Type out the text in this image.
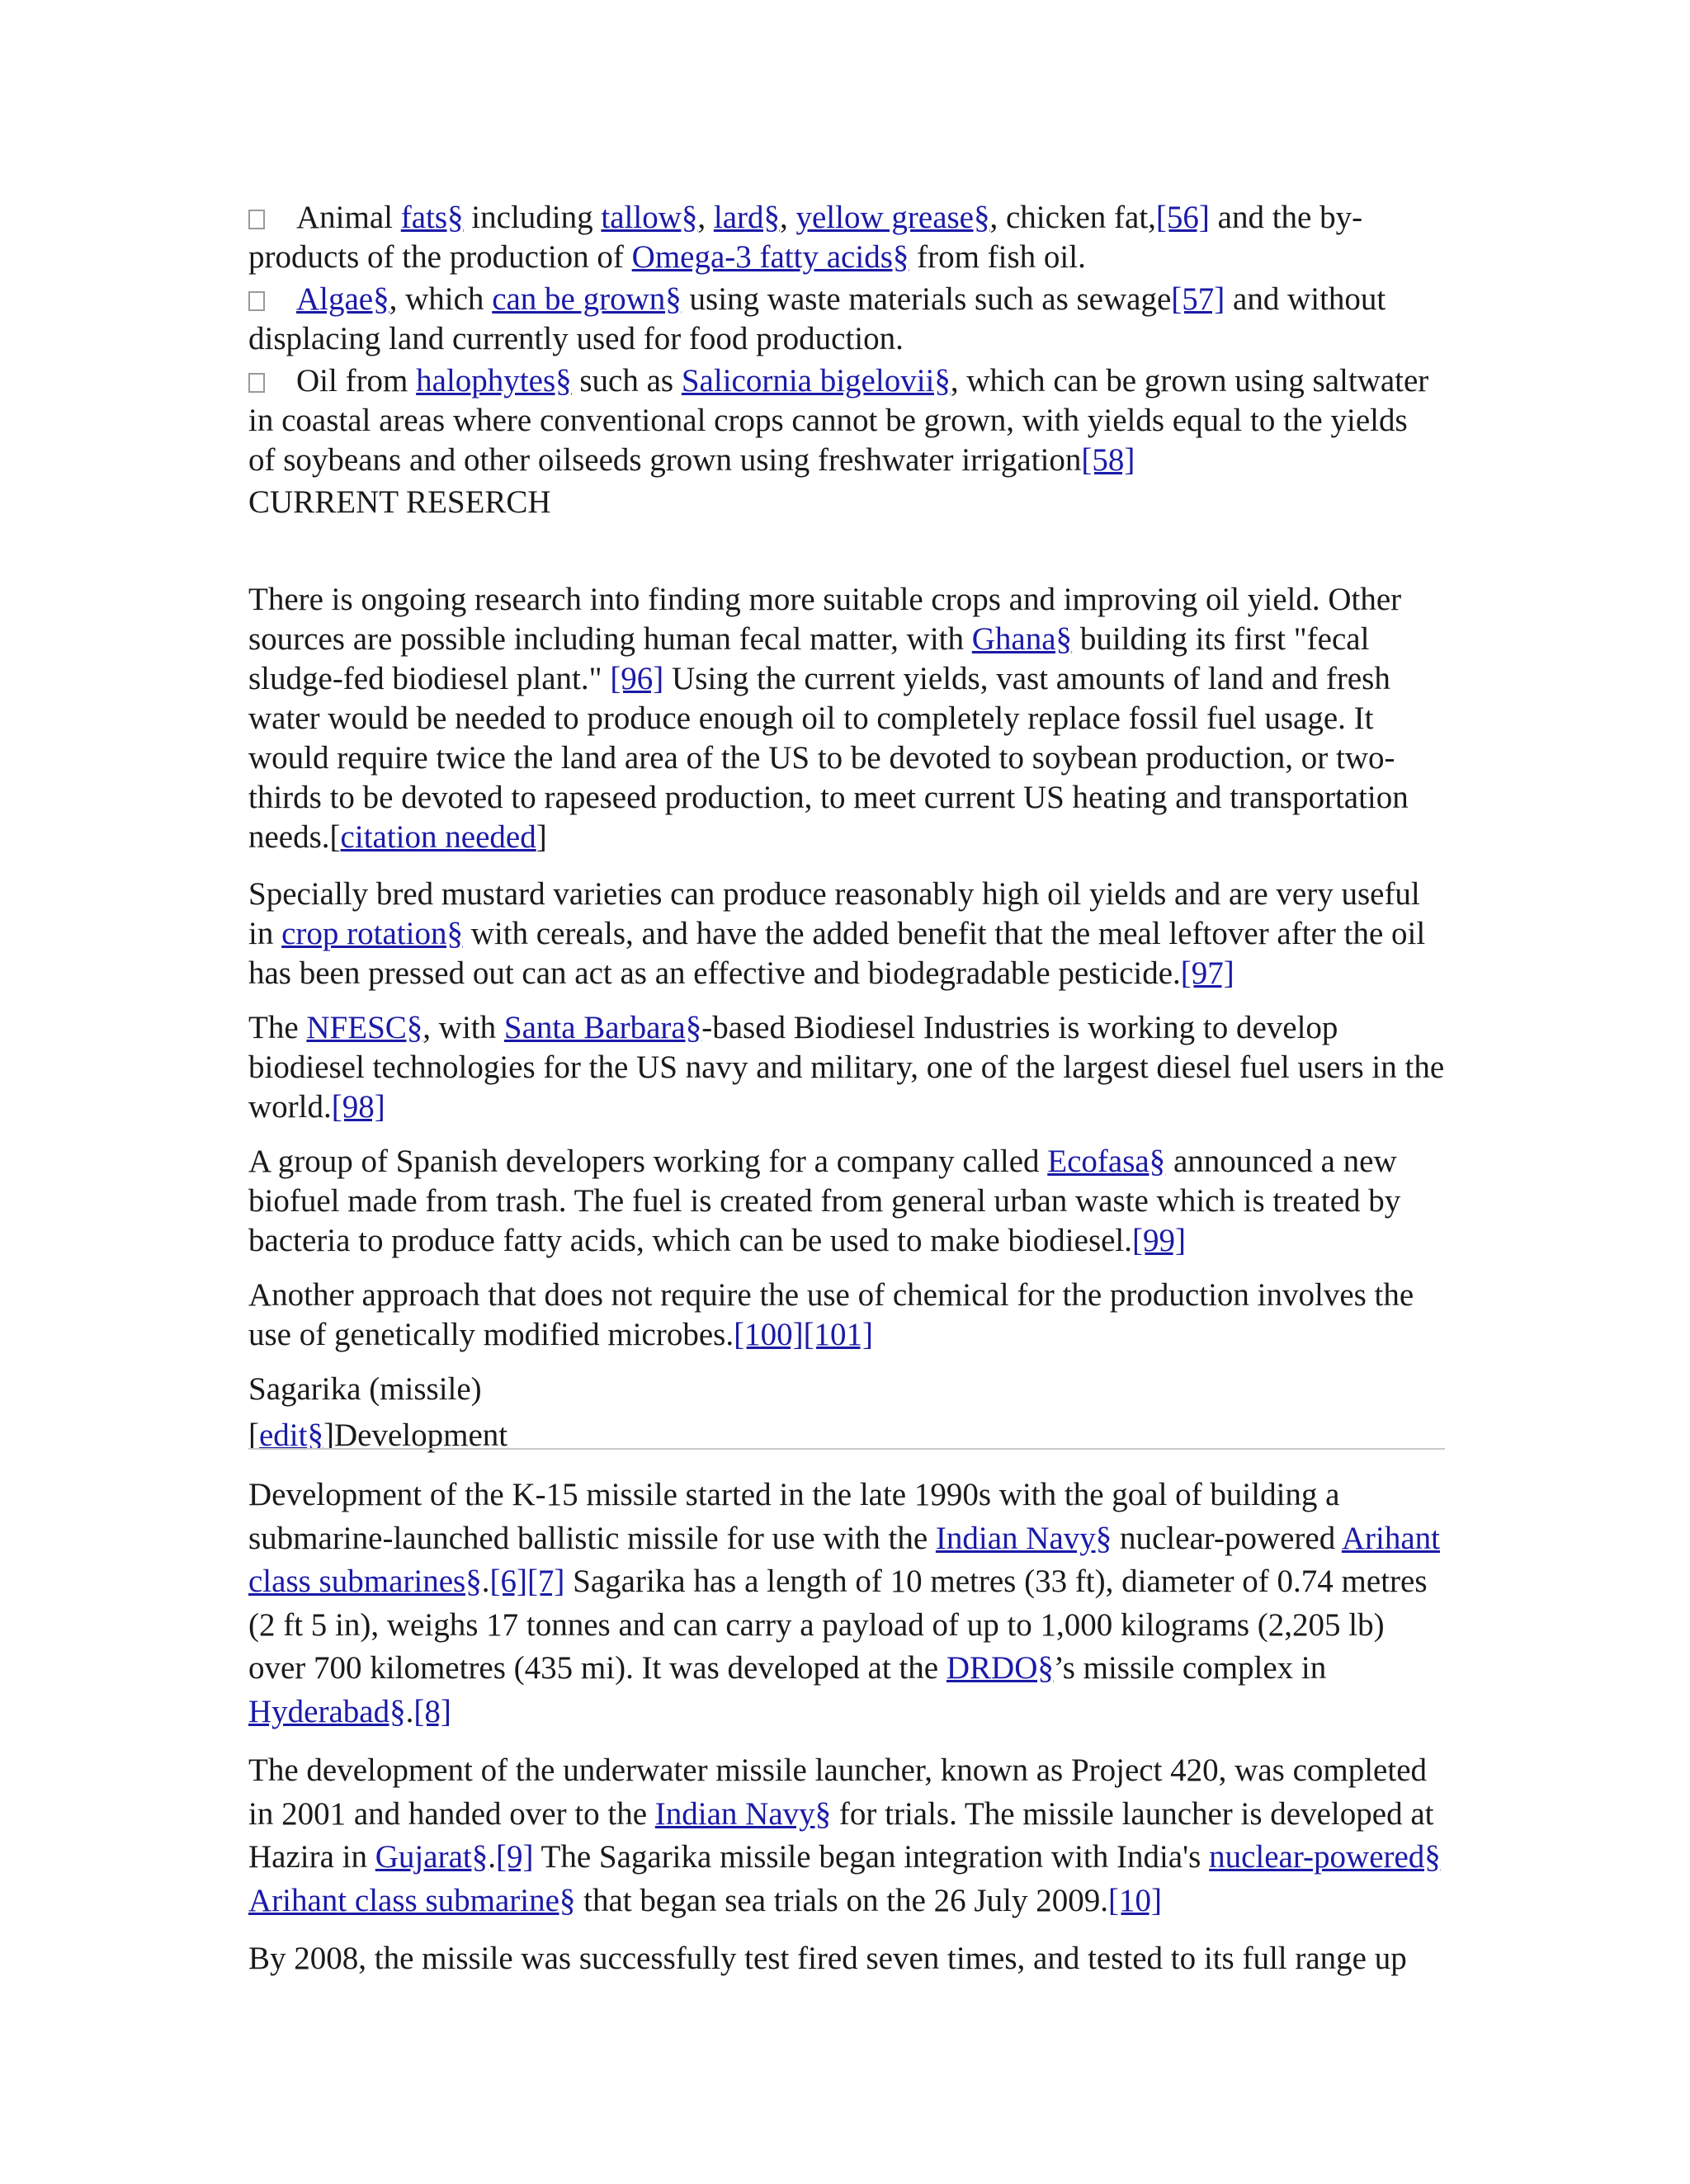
Animal fats§ including tallow§, lard§, yellow grease§, chicken fat,[56] and the by-products of the production of Omega-3 fatty acids§ from fish oil.
Algae§, which can be grown§ using waste materials such as sewage[57] and without displacing land currently used for food production.
Oil from halophytes§ such as Salicornia bigelovii§, which can be grown using saltwater in coastal areas where conventional crops cannot be grown, with yields equal to the yields of soybeans and other oilseeds grown using freshwater irrigation[58]
CURRENT RESERCH

There is ongoing research into finding more suitable crops and improving oil yield. Other sources are possible including human fecal matter, with Ghana§ building its first "fecal sludge-fed biodiesel plant." [96] Using the current yields, vast amounts of land and fresh water would be needed to produce enough oil to completely replace fossil fuel usage. It would require twice the land area of the US to be devoted to soybean production, or two-thirds to be devoted to rapeseed production, to meet current US heating and transportation needs.[citation needed]

Specially bred mustard varieties can produce reasonably high oil yields and are very useful in crop rotation§ with cereals, and have the added benefit that the meal leftover after the oil has been pressed out can act as an effective and biodegradable pesticide.[97]

The NFESC§, with Santa Barbara§-based Biodiesel Industries is working to develop biodiesel technologies for the US navy and military, one of the largest diesel fuel users in the world.[98]

A group of Spanish developers working for a company called Ecofasa§ announced a new biofuel made from trash. The fuel is created from general urban waste which is treated by bacteria to produce fatty acids, which can be used to make biodiesel.[99]

Another approach that does not require the use of chemical for the production involves the use of genetically modified microbes.[100][101]

Sagarika (missile)
[edit§]Development

Development of the K-15 missile started in the late 1990s with the goal of building a submarine-launched ballistic missile for use with the Indian Navy§ nuclear-powered Arihant class submarines§.[6][7] Sagarika has a length of 10 metres (33 ft), diameter of 0.74 metres (2 ft 5 in), weighs 17 tonnes and can carry a payload of up to 1,000 kilograms (2,205 lb) over 700 kilometres (435 mi). It was developed at the DRDO§’s missile complex in Hyderabad§.[8]

The development of the underwater missile launcher, known as Project 420, was completed in 2001 and handed over to the Indian Navy§ for trials. The missile launcher is developed at Hazira in Gujarat§.[9] The Sagarika missile began integration with India's nuclear-powered§ Arihant class submarine§ that began sea trials on the 26 July 2009.[10]

By 2008, the missile was successfully test fired seven times, and tested to its full range up
